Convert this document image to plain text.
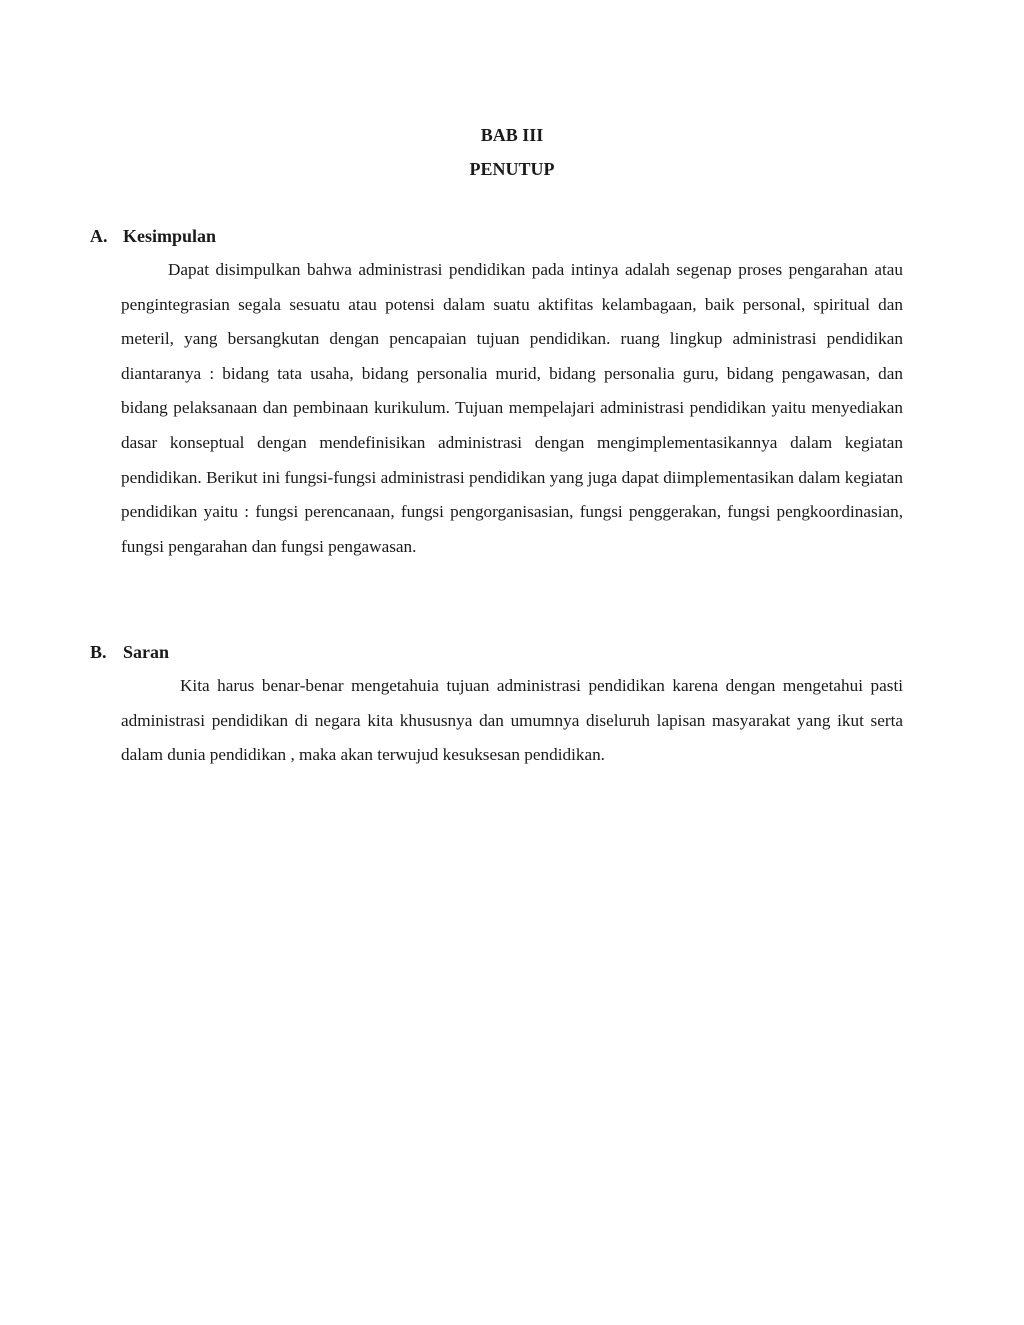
BAB III
PENUTUP
A. Kesimpulan
Dapat disimpulkan bahwa administrasi pendidikan pada intinya adalah segenap proses pengarahan atau pengintegrasian segala sesuatu atau potensi dalam suatu aktifitas kelambagaan, baik personal, spiritual dan meteril, yang bersangkutan dengan pencapaian tujuan pendidikan. ruang lingkup administrasi pendidikan diantaranya : bidang tata usaha, bidang personalia murid, bidang personalia guru, bidang pengawasan, dan bidang pelaksanaan dan pembinaan kurikulum. Tujuan mempelajari administrasi pendidikan yaitu menyediakan dasar konseptual dengan mendefinisikan administrasi dengan mengimplementasikannya dalam kegiatan pendidikan. Berikut ini fungsi-fungsi administrasi pendidikan yang juga dapat diimplementasikan dalam kegiatan pendidikan yaitu : fungsi perencanaan, fungsi pengorganisasian, fungsi penggerakan, fungsi pengkoordinasian, fungsi pengarahan dan fungsi pengawasan.
B. Saran
Kita harus benar-benar mengetahuia tujuan administrasi pendidikan karena dengan mengetahui pasti administrasi pendidikan di negara kita khususnya dan umumnya diseluruh lapisan masyarakat yang ikut serta dalam dunia pendidikan , maka akan terwujud kesuksesan pendidikan.
